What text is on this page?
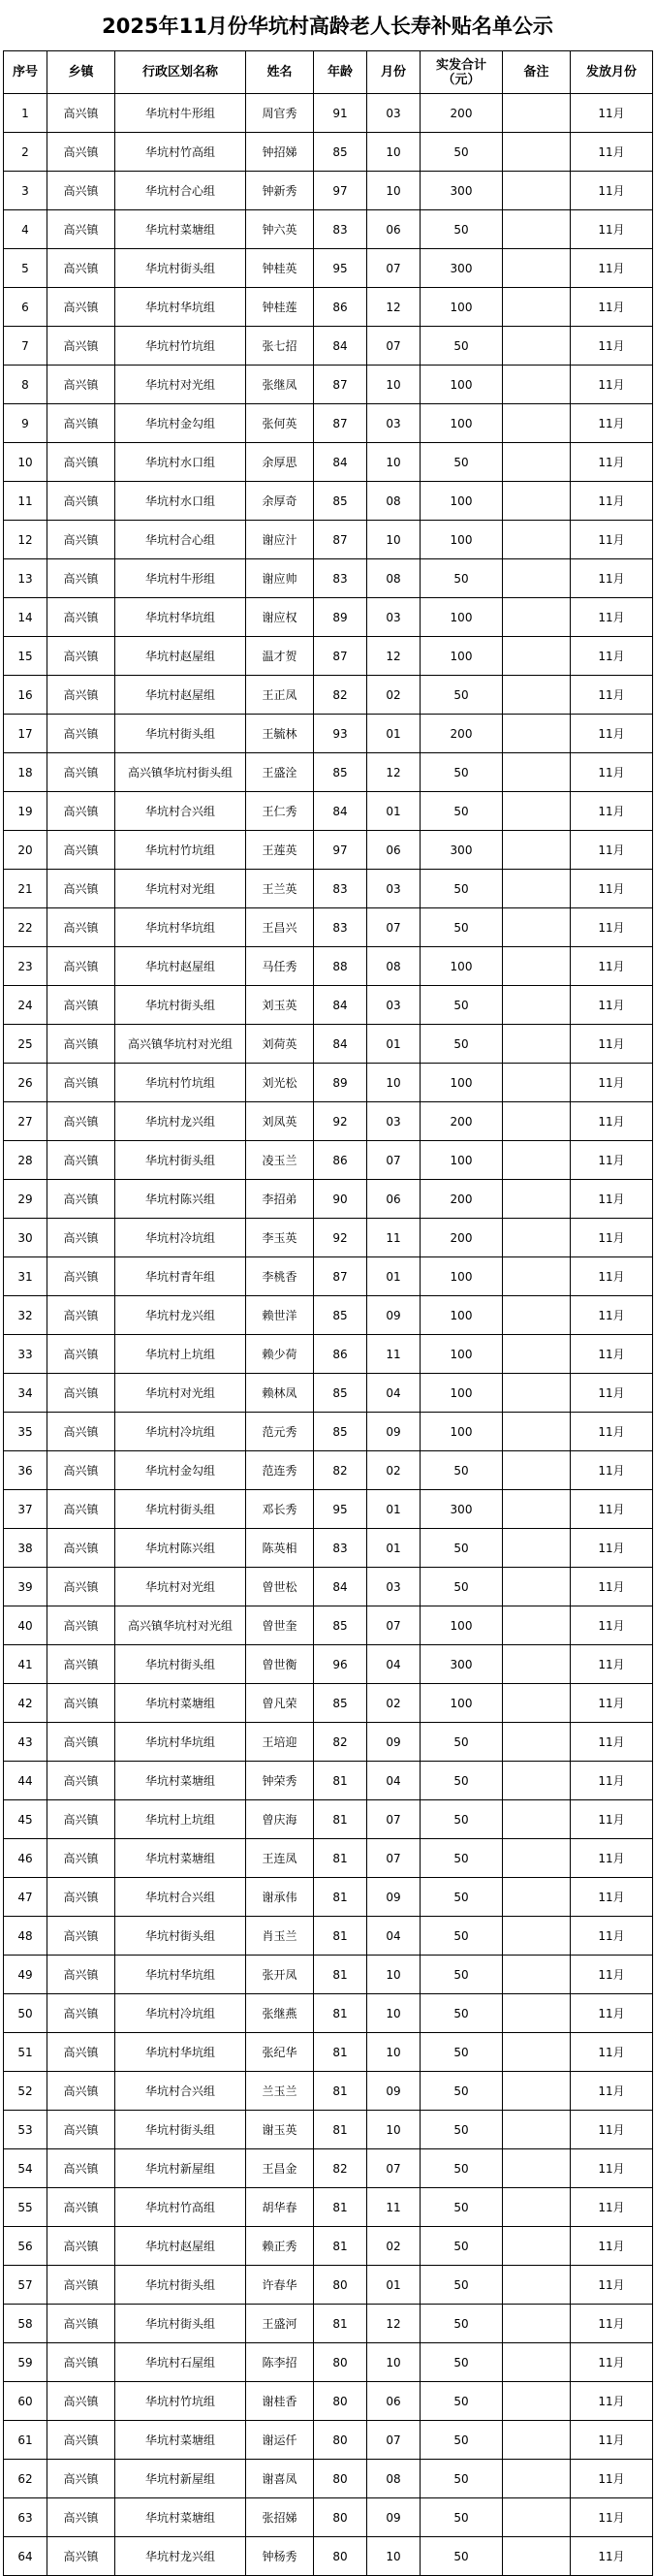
2025年11月份华坑村高龄老人长寿补贴名单公示
序号	乡镇	行政区划名称	姓名	年龄	月份	实发合计（元）	备注	发放月份
1	高兴镇	华坑村牛形组	周官秀	91	03	200		11月
2	高兴镇	华坑村竹高组	钟招娣	85	10	50		11月
3	高兴镇	华坑村合心组	钟新秀	97	10	300		11月
4	高兴镇	华坑村菜塘组	钟六英	83	06	50		11月
5	高兴镇	华坑村街头组	钟桂英	95	07	300		11月
6	高兴镇	华坑村华坑组	钟桂莲	86	12	100		11月
7	高兴镇	华坑村竹坑组	张七招	84	07	50		11月
8	高兴镇	华坑村对光组	张继凤	87	10	100		11月
9	高兴镇	华坑村金勾组	张何英	87	03	100		11月
10	高兴镇	华坑村水口组	余厚思	84	10	50		11月
11	高兴镇	华坑村水口组	余厚奇	85	08	100		11月
12	高兴镇	华坑村合心组	谢应汁	87	10	100		11月
13	高兴镇	华坑村牛形组	谢应帅	83	08	50		11月
14	高兴镇	华坑村华坑组	谢应权	89	03	100		11月
15	高兴镇	华坑村赵屋组	温才贺	87	12	100		11月
16	高兴镇	华坑村赵屋组	王正凤	82	02	50		11月
17	高兴镇	华坑村街头组	王毓林	93	01	200		11月
18	高兴镇	高兴镇华坑村街头组	王盛洤	85	12	50		11月
19	高兴镇	华坑村合兴组	王仁秀	84	01	50		11月
20	高兴镇	华坑村竹坑组	王莲英	97	06	300		11月
21	高兴镇	华坑村对光组	王兰英	83	03	50		11月
22	高兴镇	华坑村华坑组	王昌兴	83	07	50		11月
23	高兴镇	华坑村赵屋组	马任秀	88	08	100		11月
24	高兴镇	华坑村街头组	刘玉英	84	03	50		11月
25	高兴镇	高兴镇华坑村对光组	刘荷英	84	01	50		11月
26	高兴镇	华坑村竹坑组	刘光松	89	10	100		11月
27	高兴镇	华坑村龙兴组	刘凤英	92	03	200		11月
28	高兴镇	华坑村街头组	凌玉兰	86	07	100		11月
29	高兴镇	华坑村陈兴组	李招弟	90	06	200		11月
30	高兴镇	华坑村冷坑组	李玉英	92	11	200		11月
31	高兴镇	华坑村青年组	李桃香	87	01	100		11月
32	高兴镇	华坑村龙兴组	赖世洋	85	09	100		11月
33	高兴镇	华坑村上坑组	赖少荷	86	11	100		11月
34	高兴镇	华坑村对光组	赖林凤	85	04	100		11月
35	高兴镇	华坑村冷坑组	范元秀	85	09	100		11月
36	高兴镇	华坑村金勾组	范连秀	82	02	50		11月
37	高兴镇	华坑村街头组	邓长秀	95	01	300		11月
38	高兴镇	华坑村陈兴组	陈英相	83	01	50		11月
39	高兴镇	华坑村对光组	曾世松	84	03	50		11月
40	高兴镇	高兴镇华坑村对光组	曾世奎	85	07	100		11月
41	高兴镇	华坑村街头组	曾世衡	96	04	300		11月
42	高兴镇	华坑村菜塘组	曾凡荣	85	02	100		11月
43	高兴镇	华坑村华坑组	王培迎	82	09	50		11月
44	高兴镇	华坑村菜塘组	钟荣秀	81	04	50		11月
45	高兴镇	华坑村上坑组	曾庆海	81	07	50		11月
46	高兴镇	华坑村菜塘组	王连凤	81	07	50		11月
47	高兴镇	华坑村合兴组	谢承伟	81	09	50		11月
48	高兴镇	华坑村街头组	肖玉兰	81	04	50		11月
49	高兴镇	华坑村华坑组	张开凤	81	10	50		11月
50	高兴镇	华坑村冷坑组	张继燕	81	10	50		11月
51	高兴镇	华坑村华坑组	张纪华	81	10	50		11月
52	高兴镇	华坑村合兴组	兰玉兰	81	09	50		11月
53	高兴镇	华坑村街头组	谢玉英	81	10	50		11月
54	高兴镇	华坑村新屋组	王昌金	82	07	50		11月
55	高兴镇	华坑村竹高组	胡华春	81	11	50		11月
56	高兴镇	华坑村赵屋组	赖正秀	81	02	50		11月
57	高兴镇	华坑村街头组	许春华	80	01	50		11月
58	高兴镇	华坑村街头组	王盛河	81	12	50		11月
59	高兴镇	华坑村石屋组	陈李招	80	10	50		11月
60	高兴镇	华坑村竹坑组	谢桂香	80	06	50		11月
61	高兴镇	华坑村菜塘组	谢运仟	80	07	50		11月
62	高兴镇	华坑村新屋组	谢喜凤	80	08	50		11月
63	高兴镇	华坑村菜塘组	张招娣	80	09	50		11月
64	高兴镇	华坑村龙兴组	钟杨秀	80	10	50		11月
